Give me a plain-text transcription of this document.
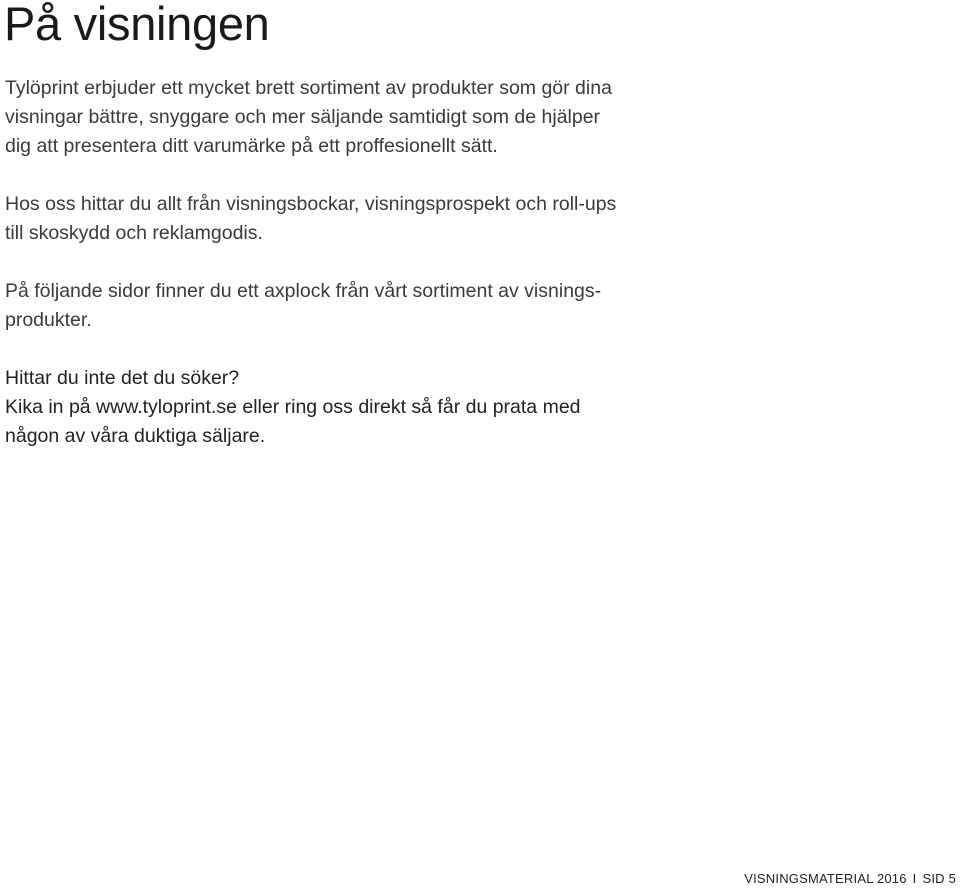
På visningen

Tylöprint erbjuder ett mycket brett sortiment av produkter som gör dina
visningar bättre, snyggare och mer säljande samtidigt som de hjälper
dig att presentera ditt varumärke på ett proffesionellt sätt.

Hos oss hittar du allt från visningsbockar, visningsprospekt och roll-ups
till skoskydd och reklamgodis.

På följande sidor finner du ett axplock från vårt sortiment av visnings-
produkter.

Hittar du inte det du söker?
Kika in på www.tyloprint.se eller ring oss direkt så får du prata med
någon av våra duktiga säljare.

VISNINGSMATERIAL 2016 I SID 5
